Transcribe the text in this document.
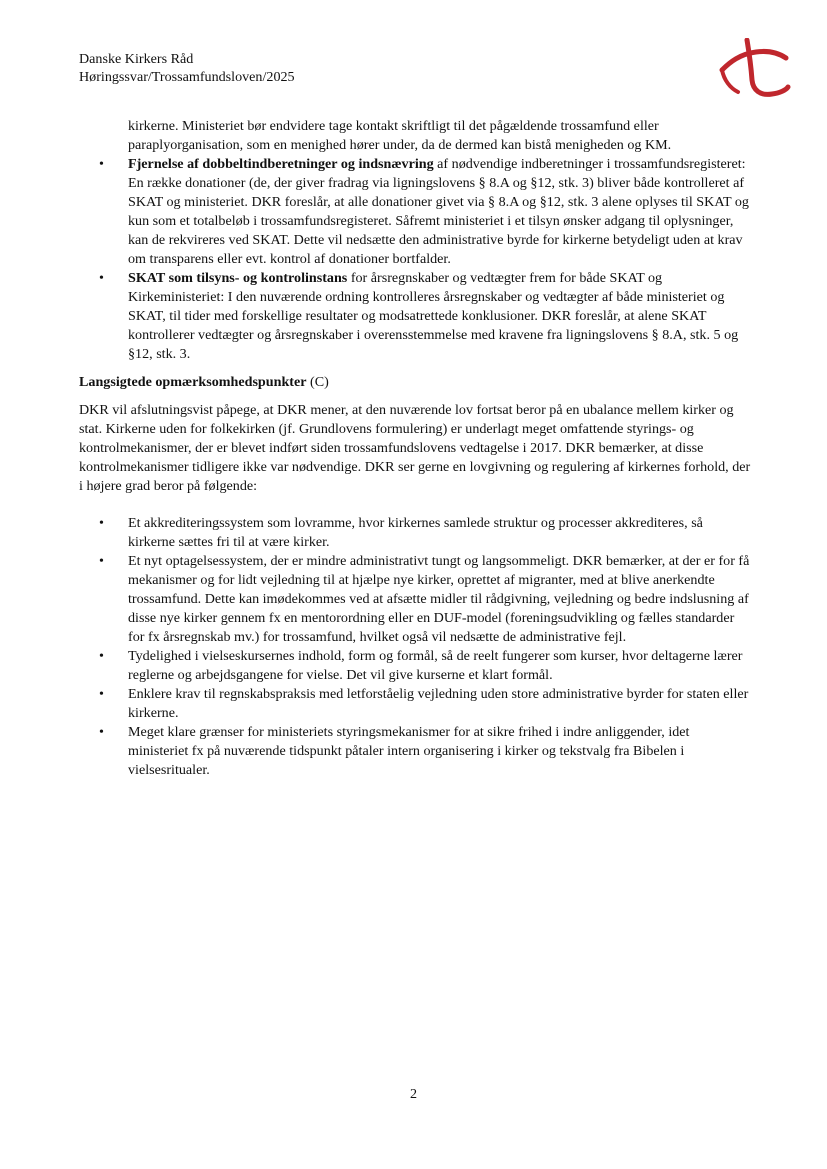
Danske Kirkers Råd
Høringssvar/Trossamfundsloven/2025

kirkerne. Ministeriet bør endvidere tage kontakt skriftligt til det pågældende trossamfund eller paraplyorganisation, som en menighed hører under, da de dermed kan bistå menigheden og KM.

• Fjernelse af dobbeltindberetninger og indsnævring af nødvendige indberetninger i trossamfundsregisteret: En række donationer (de, der giver fradrag via ligningslovens § 8.A og §12, stk. 3) bliver både kontrolleret af SKAT og ministeriet. DKR foreslår, at alle donationer givet via § 8.A og §12, stk. 3 alene oplyses til SKAT og kun som et totalbeløb i trossamfundsregisteret. Såfremt ministeriet i et tilsyn ønsker adgang til oplysninger, kan de rekvireres ved SKAT. Dette vil nedsætte den administrative byrde for kirkerne betydeligt uden at krav om transparens eller evt. kontrol af donationer bortfalder.
• SKAT som tilsyns- og kontrolinstans for årsregnskaber og vedtægter frem for både SKAT og Kirkeministeriet: I den nuværende ordning kontrolleres årsregnskaber og vedtægter af både ministeriet og SKAT, til tider med forskellige resultater og modsatrettede konklusioner. DKR foreslår, at alene SKAT kontrollerer vedtægter og årsregnskaber i overensstemmelse med kravene fra ligningslovens § 8.A, stk. 5 og §12, stk. 3.
Langsigtede opmærksomhedspunkter (C)

DKR vil afslutningsvist påpege, at DKR mener, at den nuværende lov fortsat beror på en ubalance mellem kirker og stat. Kirkerne uden for folkekirken (jf. Grundlovens formulering) er underlagt meget omfattende styrings- og kontrolmekanismer, der er blevet indført siden trossamfundslovens vedtagelse i 2017. DKR bemærker, at disse kontrolmekanismer tidligere ikke var nødvendige. DKR ser gerne en lovgivning og regulering af kirkernes forhold, der i højere grad beror på følgende:

• Et akkrediteringssystem som lovramme, hvor kirkernes samlede struktur og processer akkrediteres, så kirkerne sættes fri til at være kirker.
• Et nyt optagelsessystem, der er mindre administrativt tungt og langsommeligt. DKR bemærker, at der er for få mekanismer og for lidt vejledning til at hjælpe nye kirker, oprettet af migranter, med at blive anerkendte trossamfund. Dette kan imødekommes ved at afsætte midler til rådgivning, vejledning og bedre indslusning af disse nye kirker gennem fx en mentorordning eller en DUF-model (foreningsudvikling og fælles standarder for fx årsregnskab mv.) for trossamfund, hvilket også vil nedsætte de administrative fejl.
• Tydelighed i vielseskursernes indhold, form og formål, så de reelt fungerer som kurser, hvor deltagerne lærer reglerne og arbejdsgangene for vielse. Det vil give kurserne et klart formål.
• Enklere krav til regnskabspraksis med letforståelig vejledning uden store administrative byrder for staten eller kirkerne.
• Meget klare grænser for ministeriets styringsmekanismer for at sikre frihed i indre anliggender, idet ministeriet fx på nuværende tidspunkt påtaler intern organisering i kirker og tekstvalg fra Bibelen i vielsesritualer.
2
